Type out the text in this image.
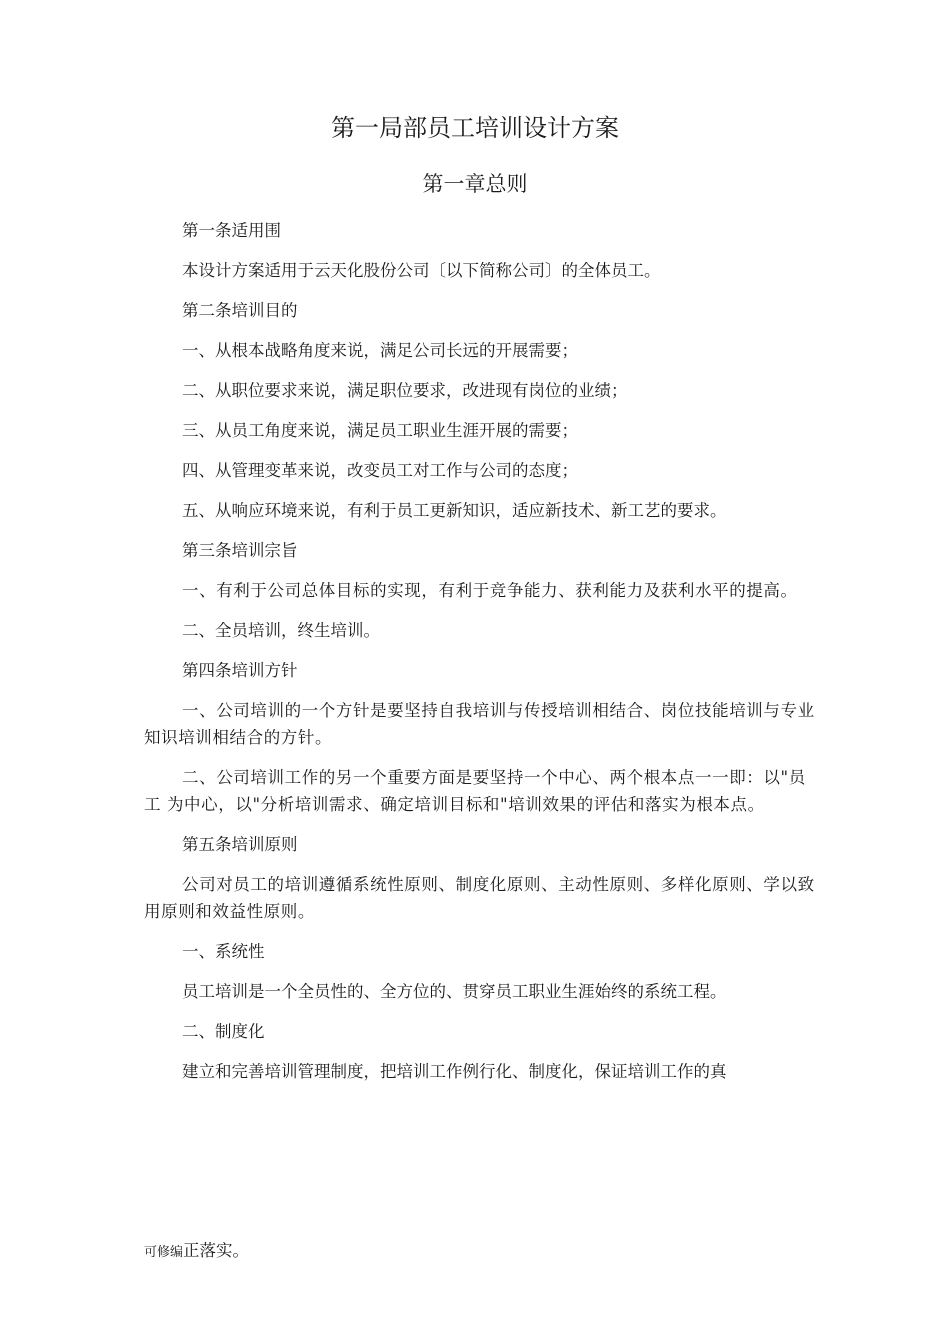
第一局部员工培训设计方案
第一章总则

第一条适用围

本设计方案适用于云天化股份公司〔以下简称公司〕的全体员工。

第二条培训目的

一、从根本战略角度来说，满足公司长远的开展需要；

二、从职位要求来说，满足职位要求，改进现有岗位的业绩；

三、从员工角度来说，满足员工职业生涯开展的需要；

四、从管理变革来说，改变员工对工作与公司的态度；

五、从响应环境来说，有利于员工更新知识，适应新技术、新工艺的要求。

第三条培训宗旨

一、有利于公司总体目标的实现，有利于竞争能力、获利能力及获利水平的提高。

二、全员培训，终生培训。

第四条培训方针

一、公司培训的一个方针是要坚持自我培训与传授培训相结合、岗位技能培训与专业知识培训相结合的方针。

二、公司培训工作的另一个重要方面是要坚持一个中心、两个根本点一一即：以"员工 为中心，以"分析培训需求、确定培训目标和"培训效果的评估和落实为根本点。

第五条培训原则

公司对员工的培训遵循系统性原则、制度化原则、主动性原则、多样化原则、学以致用原则和效益性原则。

一、系统性

员工培训是一个全员性的、全方位的、贯穿员工职业生涯始终的系统工程。

二、制度化

建立和完善培训管理制度，把培训工作例行化、制度化，保证培训工作的真

可修编正落实。
